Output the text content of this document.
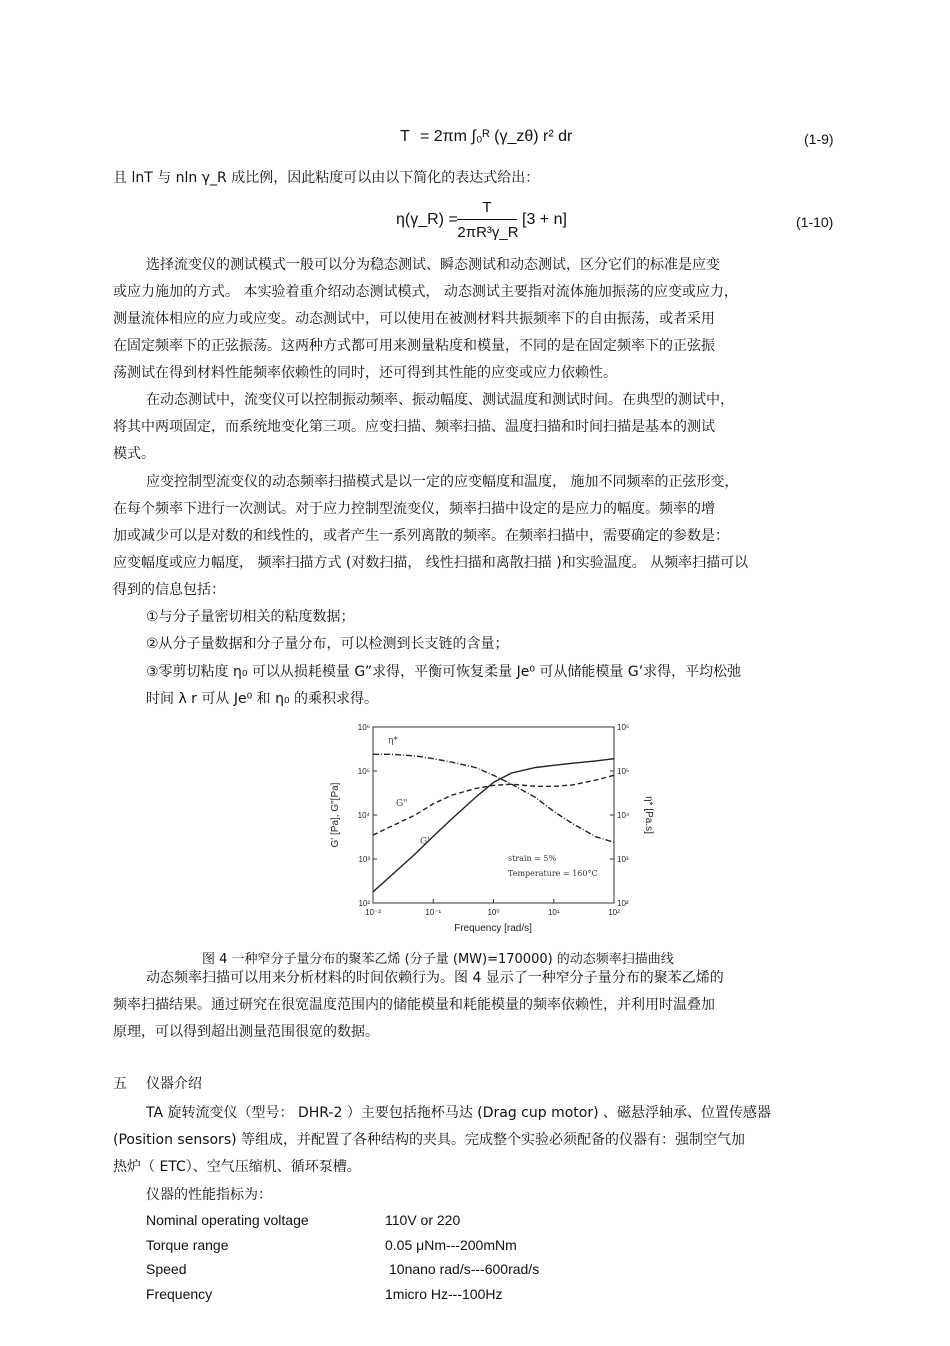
T = 2πm ∫₀ᴿ (γ_zθ) r² dr	(1-9)
且 lnT 与 nln γ_R 成比例，因此粘度可以由以下简化的表达式给出：
η(γ_R) =
T
2πR³γ_R
[3 + n]	(1-10)
选择流变仪的测试模式一般可以分为稳态测试、瞬态测试和动态测试，区分它们的标准是应变
或应力施加的方式。 本实验着重介绍动态测试模式， 动态测试主要指对流体施加振荡的应变或应力，
测量流体相应的应力或应变。动态测试中，可以使用在被测材料共振频率下的自由振荡，或者采用
在固定频率下的正弦振荡。这两种方式都可用来测量粘度和模量，不同的是在固定频率下的正弦振
荡测试在得到材料性能频率依赖性的同时，还可得到其性能的应变或应力依赖性。
在动态测试中，流变仪可以控制振动频率、振动幅度、测试温度和测试时间。在典型的测试中，
将其中两项固定，而系统地变化第三项。应变扫描、频率扫描、温度扫描和时间扫描是基本的测试
模式。
应变控制型流变仪的动态频率扫描模式是以一定的应变幅度和温度， 施加不同频率的正弦形变，
在每个频率下进行一次测试。对于应力控制型流变仪，频率扫描中设定的是应力的幅度。频率的增
加或减少可以是对数的和线性的，或者产生一系列离散的频率。在频率扫描中，需要确定的参数是：
应变幅度或应力幅度， 频率扫描方式 (对数扫描， 线性扫描和离散扫描 )和实验温度。 从频率扫描可以
得到的信息包括：
①与分子量密切相关的粘度数据；
②从分子量数据和分子量分布，可以检测到长支链的含量；
③零剪切粘度 η₀ 可以从损耗模量 G”求得，平衡可恢复柔量 Je⁰ 可从储能模量 G’求得，平均松弛
时间 λ r 可从 Je⁰ 和 η₀ 的乘积求得。
10⁻²	10⁻¹	10⁰	10¹	10²
10²	10²
10³	10³
10⁴	10⁴
10⁵	10⁵
10⁶	10⁶
η*
G"
G'
strain = 5%
Temperature = 160°C
Frequency [rad/s]
G' [Pa], G"[Pa]	η* [Pa.s]
图 4 一种窄分子量分布的聚苯乙烯 (分子量 (MW)=170000) 的动态频率扫描曲线
动态频率扫描可以用来分析材料的时间依赖行为。图 4 显示了一种窄分子量分布的聚苯乙烯的
频率扫描结果。通过研究在很宽温度范围内的储能模量和耗能模量的频率依赖性，并利用时温叠加
原理，可以得到超出测量范围很宽的数据。
五 仪器介绍
TA 旋转流变仪（型号： DHR-2 ）主要包括拖杯马达 (Drag cup motor) 、磁悬浮轴承、位置传感器
(Position sensors) 等组成，并配置了各种结构的夹具。完成整个实验必须配备的仪器有：强制空气加
热炉（ ETC）、空气压缩机、循环泵槽。
仪器的性能指标为：
Nominal operating voltage	110V or 220
Torque range	0.05 μNm---200mNm
Speed	10nano rad/s---600rad/s
Frequency	1micro Hz---100Hz
